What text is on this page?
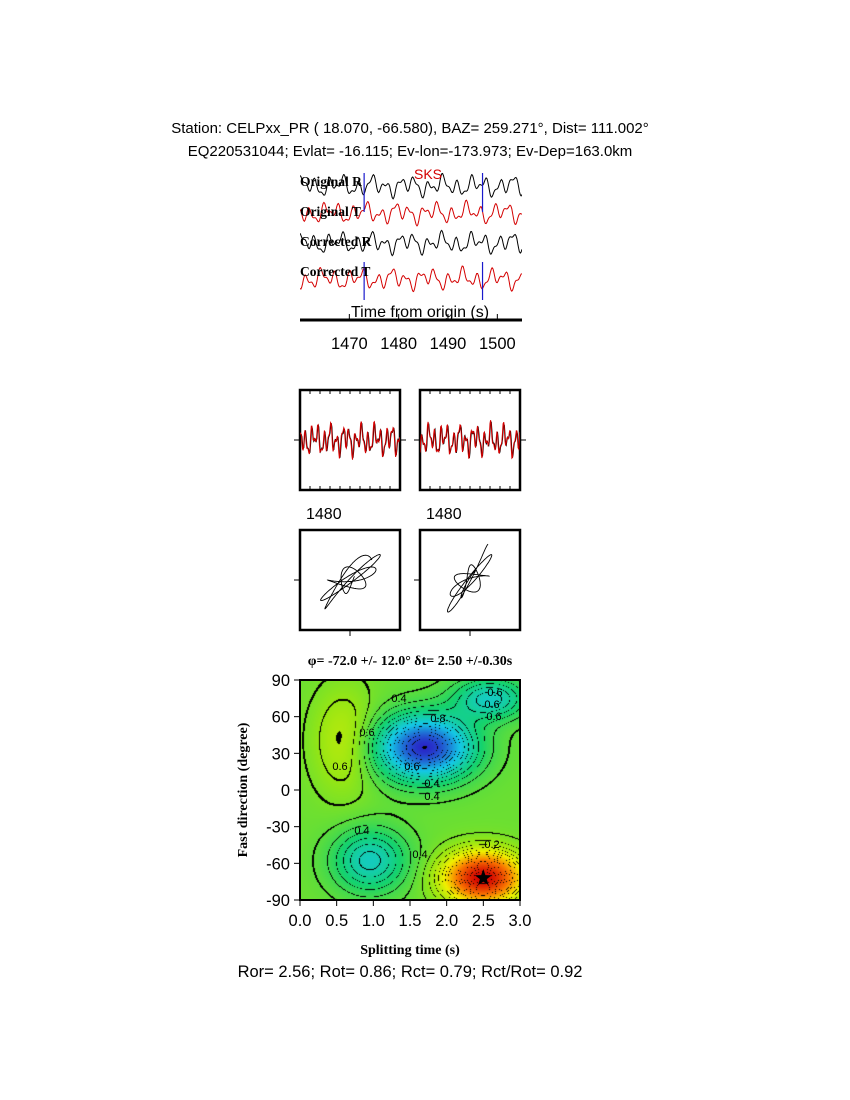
Station: CELPxx_PR ( 18.070, -66.580), BAZ= 259.271°, Dist= 111.002°
EQ220531044; Evlat= -16.115; Ev-lon=-173.973; Ev-Dep=163.0km
Original R
Original T
Corrected R
Corrected T
SKS
Time from origin (s)
1470 1480 1490 1500
1480	1480
φ= -72.0 +/- 12.0° δt= 2.50 +/-0.30s
0.0 0.5 1.0 1.5 2.0 2.5 3.0
90
60
30
0
-30
-60
-90
Splitting time (s)
Fast direction (degree)
0.4	0.6
0.6
0.6
0.8
0.6
0.6
0.4
0.4
0.6
0.4
0.2
0.4
Ror= 2.56; Rot= 0.86; Rct= 0.79; Rct/Rot= 0.92
